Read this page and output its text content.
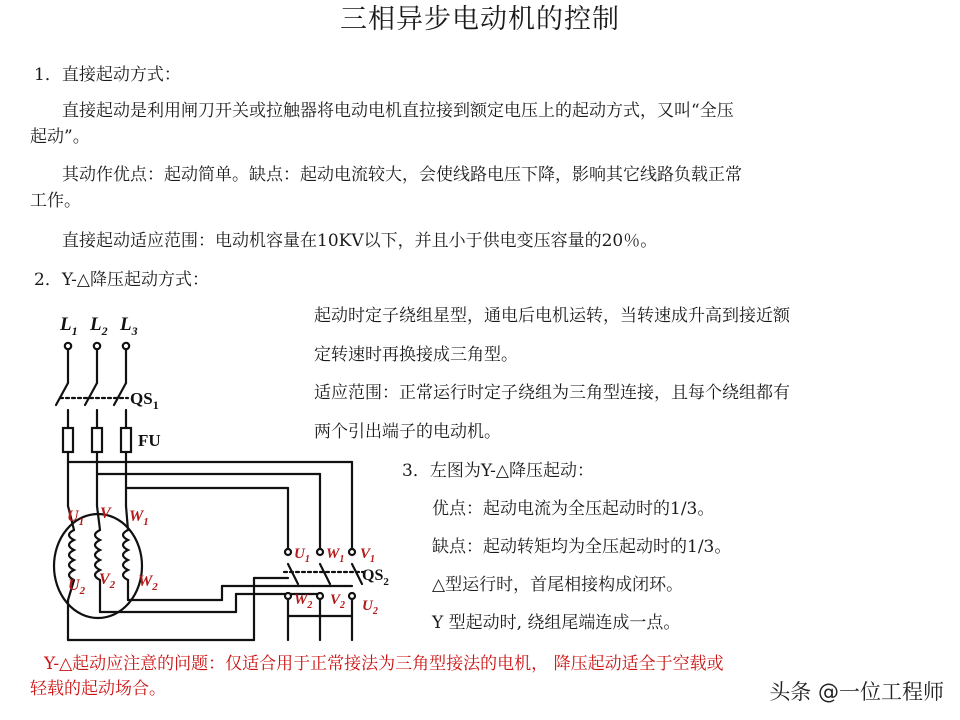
三相异步电动机的控制
1．直接起动方式：
直接起动是利用闸刀开关或拉触器将电动电机直拉接到额定电压上的起动方式，又叫“全压
起动”。
其动作优点：起动简单。缺点：起动电流较大，会使线路电压下降，影响其它线路负载正常
工作。
直接起动适应范围：电动机容量在10KV以下，并且小于供电变压容量的20％。
2．Y-△降压起动方式：
起动时定子绕组星型，通电后电机运转，当转速成升高到接近额
定转速时再换接成三角型。
适应范围：正常运行时定子绕组为三角型连接，且每个绕组都有
两个引出端子的电动机。
3．左图为Y-△降压起动：
优点：起动电流为全压起动时的1/3。
缺点：起动转矩均为全压起动时的1/3。
△型运行时，首尾相接构成闭环。
Y 型起动时, 绕组尾端连成一点。
Y-△起动应注意的问题：仅适合用于正常接法为三角型接法的电机， 降压起动适全于空载或
轻载的起动场合。
$L_1$ $L_2$ $L_3$
$QS_1$
FU
$U_1$ V $W_1$
$U_2$
$V_2$ $W_2$
$U_1$ $W_1$ $V_1$
$QS_2$
$W_2$ $V_2$ $U_2$
头条 @一位工程师
